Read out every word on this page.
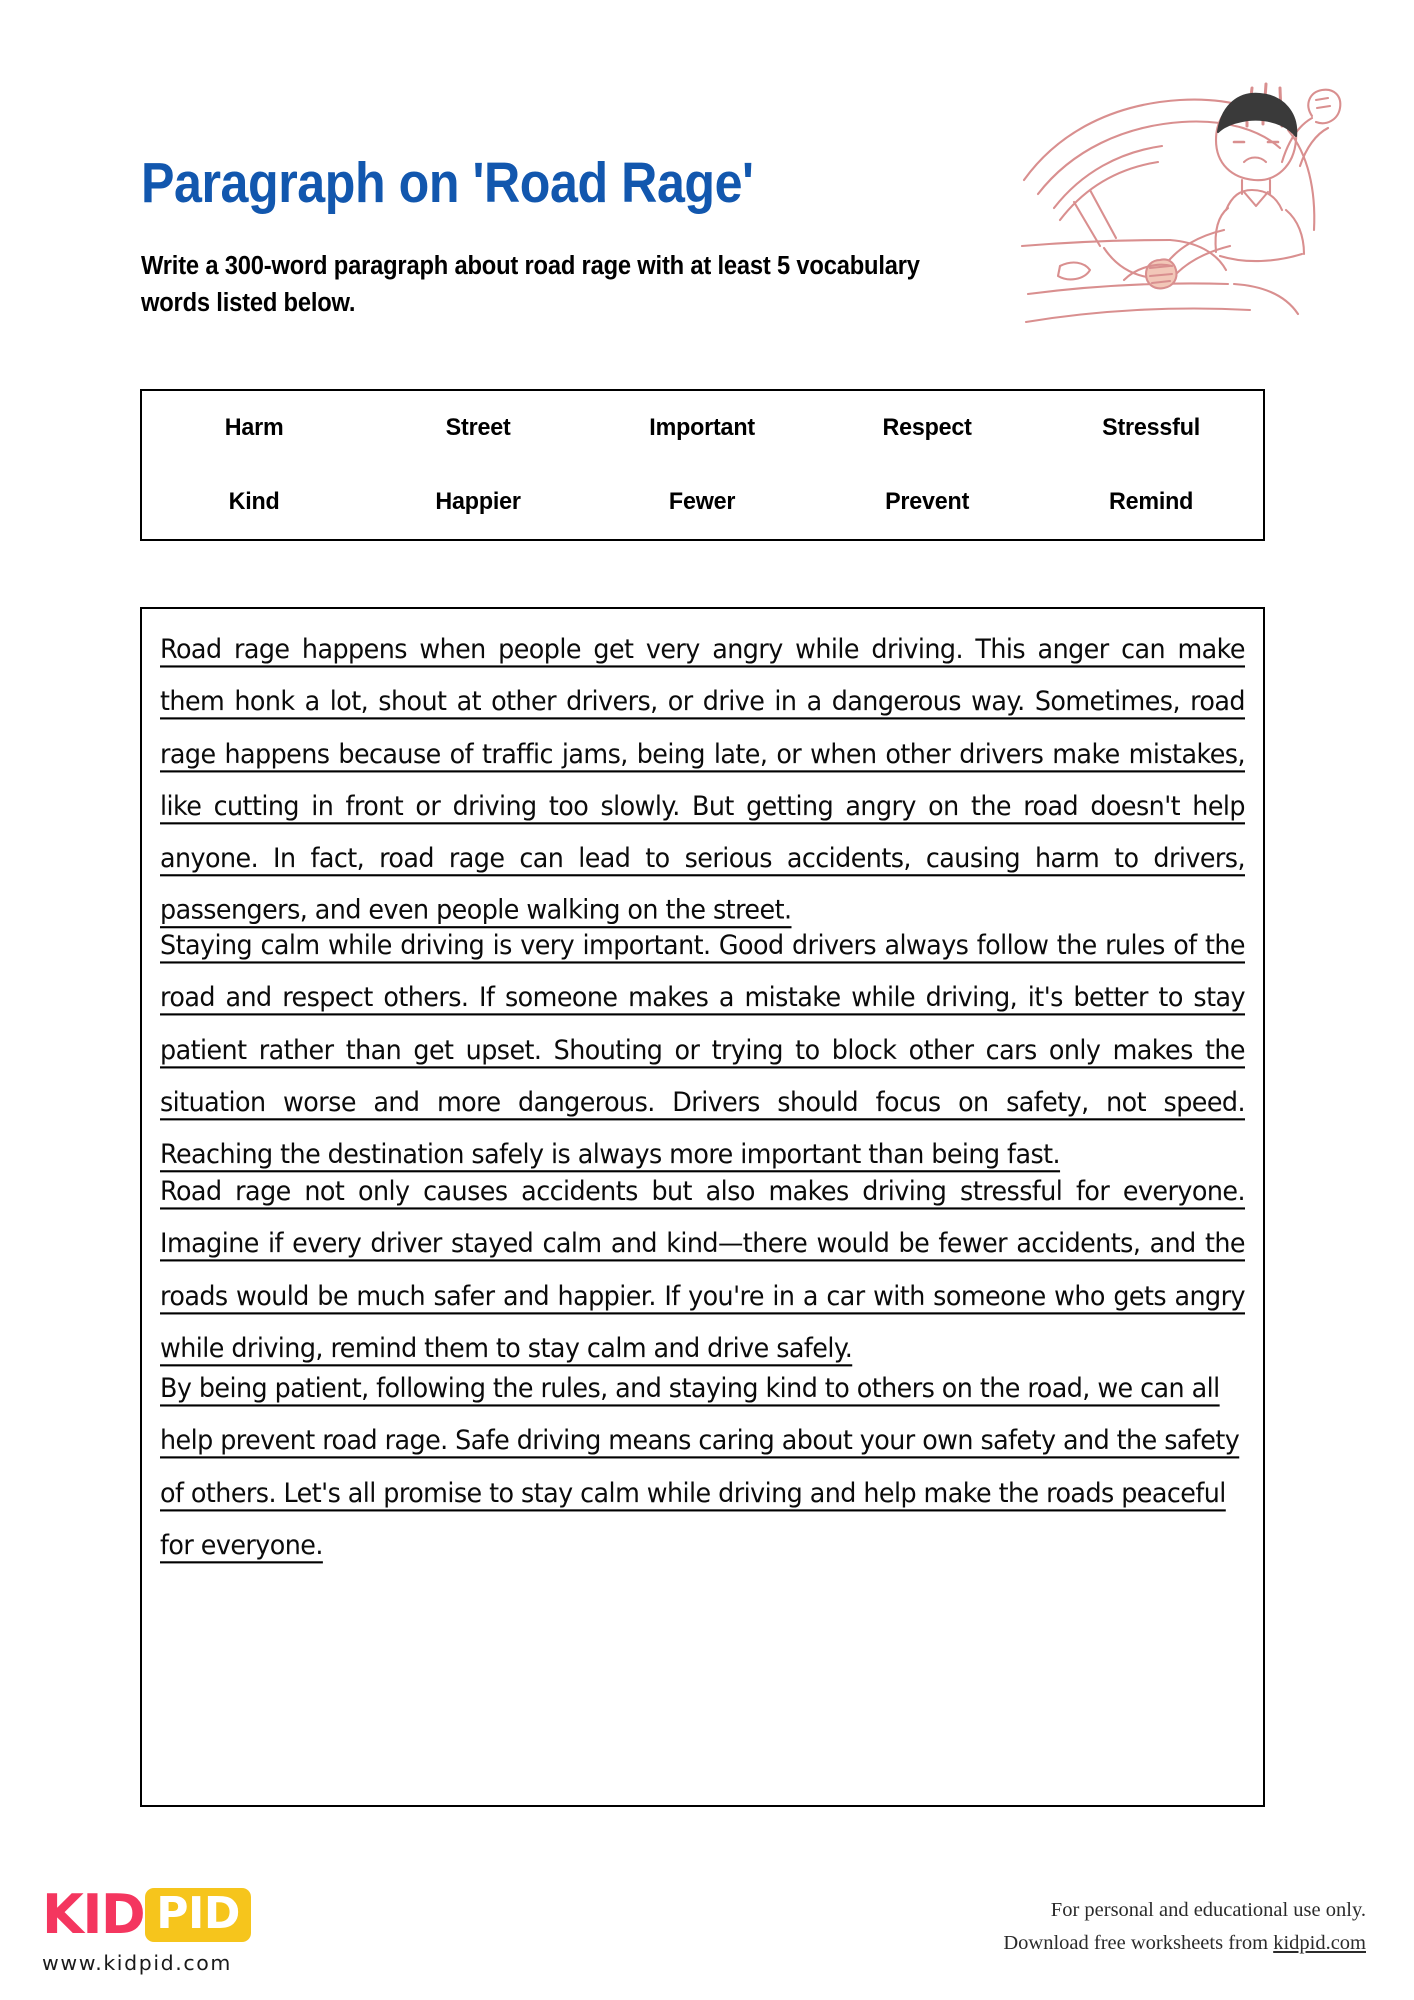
Paragraph on 'Road Rage'
Write a 300-word paragraph about road rage with at least 5 vocabulary words listed below.
Harm	Street	Important	Respect	Stressful
Kind	Happier	Fewer	Prevent	Remind

Road rage happens when people get very angry while driving. This anger can make them honk a lot, shout at other drivers, or drive in a dangerous way. Sometimes, road rage happens because of traffic jams, being late, or when other drivers make mistakes, like cutting in front or driving too slowly. But getting angry on the road doesn't help anyone. In fact, road rage can lead to serious accidents, causing harm to drivers, passengers, and even people walking on the street.

Staying calm while driving is very important. Good drivers always follow the rules of the road and respect others. If someone makes a mistake while driving, it's better to stay patient rather than get upset. Shouting or trying to block other cars only makes the situation worse and more dangerous. Drivers should focus on safety, not speed. Reaching the destination safely is always more important than being fast.

Road rage not only causes accidents but also makes driving stressful for everyone. Imagine if every driver stayed calm and kind—there would be fewer accidents, and the roads would be much safer and happier. If you're in a car with someone who gets angry while driving, remind them to stay calm and drive safely.

By being patient, following the rules, and staying kind to others on the road, we can all help prevent road rage. Safe driving means caring about your own safety and the safety of others. Let's all promise to stay calm while driving and help make the roads peaceful for everyone.

KID PID
www.kidpid.com
For personal and educational use only.
Download free worksheets from kidpid.com
